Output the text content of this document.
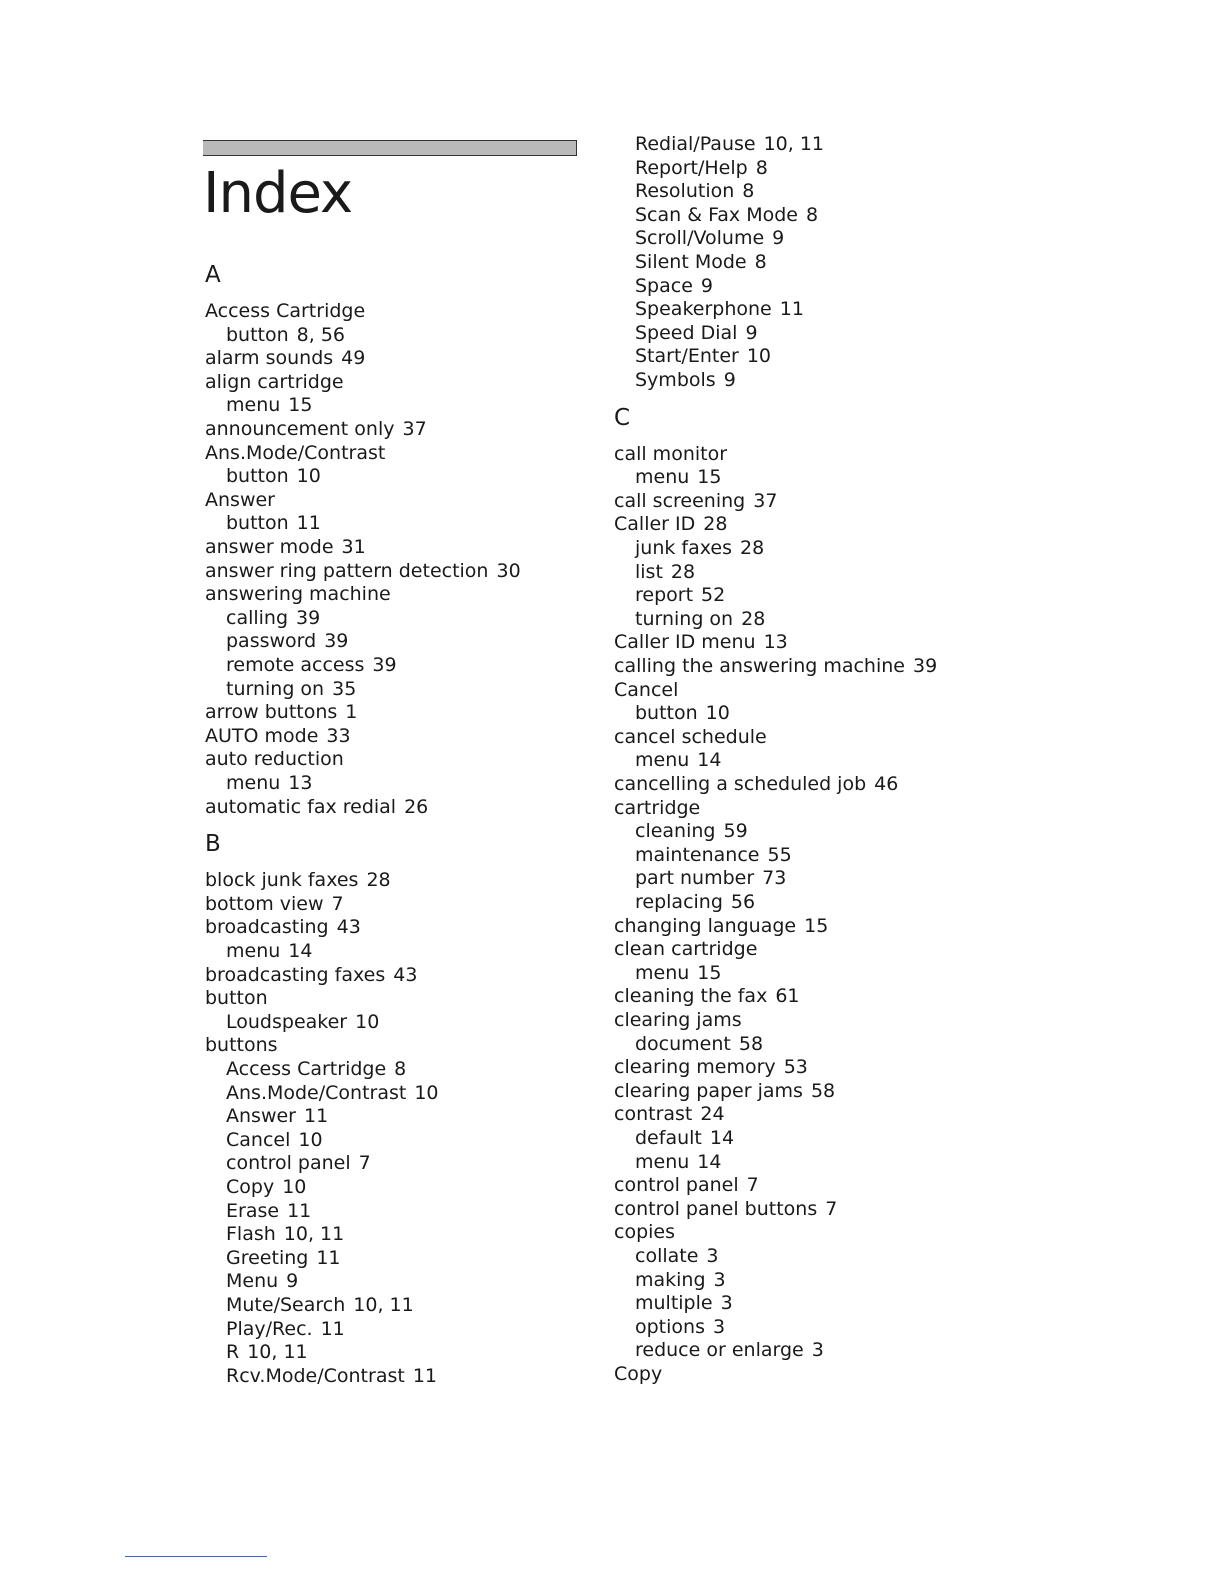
Index
A
Access Cartridge
button 8, 56
alarm sounds 49
align cartridge
menu 15
announcement only 37
Ans.Mode/Contrast
button 10
Answer
button 11
answer mode 31
answer ring pattern detection 30
answering machine
calling 39
password 39
remote access 39
turning on 35
arrow buttons 1
AUTO mode 33
auto reduction
menu 13
automatic fax redial 26
B
block junk faxes 28
bottom view 7
broadcasting 43
menu 14
broadcasting faxes 43
button
Loudspeaker 10
buttons
Access Cartridge 8
Ans.Mode/Contrast 10
Answer 11
Cancel 10
control panel 7
Copy 10
Erase 11
Flash 10, 11
Greeting 11
Menu 9
Mute/Search 10, 11
Play/Rec. 11
R 10, 11
Rcv.Mode/Contrast 11
Redial/Pause 10, 11
Report/Help 8
Resolution 8
Scan & Fax Mode 8
Scroll/Volume 9
Silent Mode 8
Space 9
Speakerphone 11
Speed Dial 9
Start/Enter 10
Symbols 9
C
call monitor
menu 15
call screening 37
Caller ID 28
junk faxes 28
list 28
report 52
turning on 28
Caller ID menu 13
calling the answering machine 39
Cancel
button 10
cancel schedule
menu 14
cancelling a scheduled job 46
cartridge
cleaning 59
maintenance 55
part number 73
replacing 56
changing language 15
clean cartridge
menu 15
cleaning the fax 61
clearing jams
document 58
clearing memory 53
clearing paper jams 58
contrast 24
default 14
menu 14
control panel 7
control panel buttons 7
copies
collate 3
making 3
multiple 3
options 3
reduce or enlarge 3
Copy
